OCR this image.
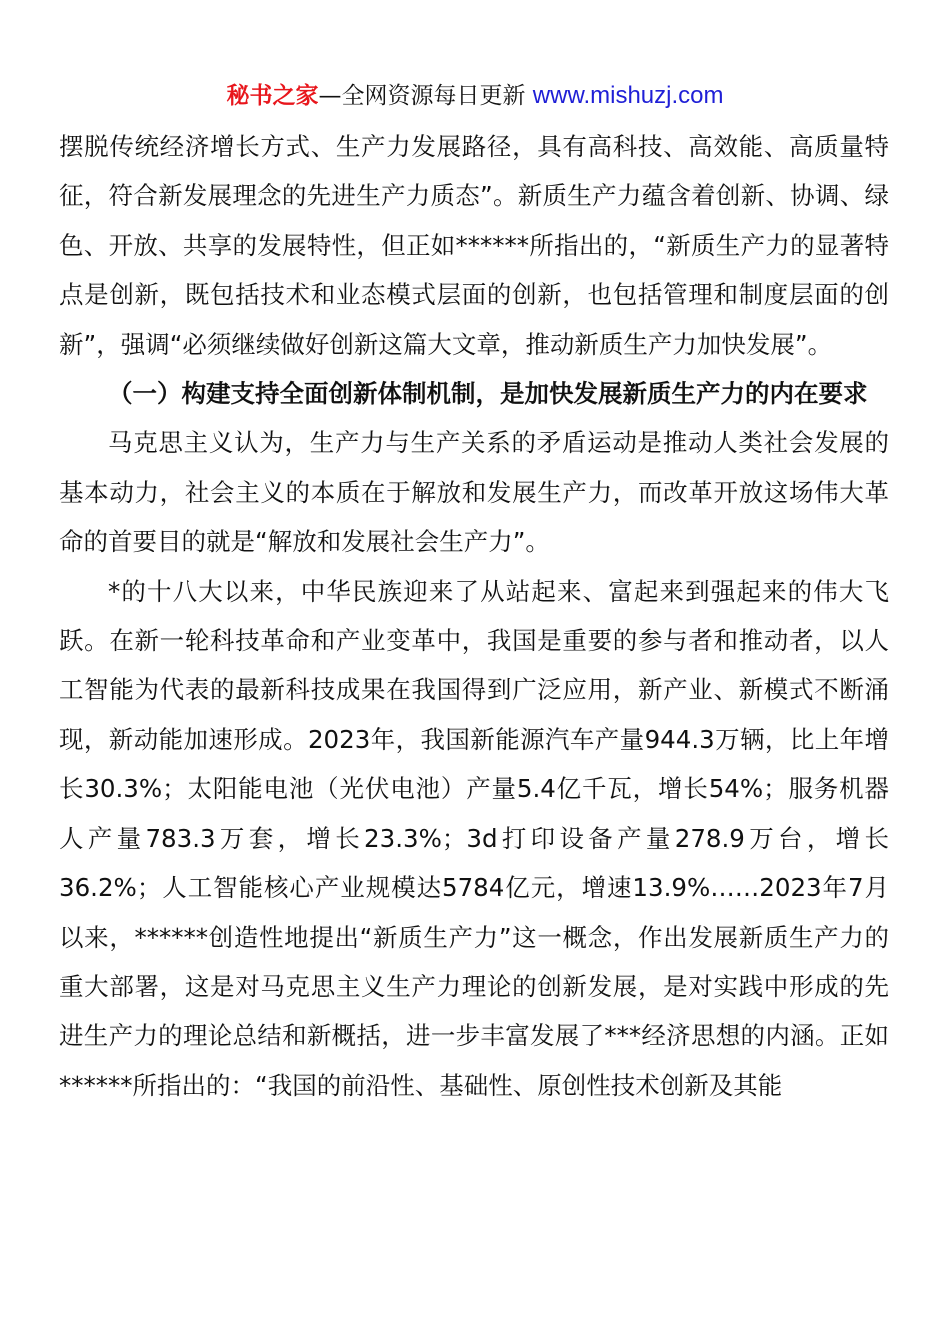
秘书之家—全网资源每日更新 www.mishuzj.com

摆脱传统经济增长方式、生产力发展路径，具有高科技、高效能、高质量特征，符合新发展理念的先进生产力质态”。新质生产力蕴含着创新、协调、绿色、开放、共享的发展特性，但正如******所指出的，“新质生产力的显著特点是创新，既包括技术和业态模式层面的创新，也包括管理和制度层面的创新”，强调“必须继续做好创新这篇大文章，推动新质生产力加快发展”。

（一）构建支持全面创新体制机制，是加快发展新质生产力的内在要求

马克思主义认为，生产力与生产关系的矛盾运动是推动人类社会发展的基本动力，社会主义的本质在于解放和发展生产力，而改革开放这场伟大革命的首要目的就是“解放和发展社会生产力”。

*的十八大以来，中华民族迎来了从站起来、富起来到强起来的伟大飞跃。在新一轮科技革命和产业变革中，我国是重要的参与者和推动者，以人工智能为代表的最新科技成果在我国得到广泛应用，新产业、新模式不断涌现，新动能加速形成。2023年，我国新能源汽车产量944.3万辆，比上年增长30.3%；太阳能电池（光伏电池）产量5.4亿千瓦，增长54%；服务机器人产量783.3万套，增长23.3%；3d打印设备产量278.9万台，增长36.2%；人工智能核心产业规模达5784亿元，增速13.9%……2023年7月以来，******创造性地提出“新质生产力”这一概念，作出发展新质生产力的重大部署，这是对马克思主义生产力理论的创新发展，是对实践中形成的先进生产力的理论总结和新概括，进一步丰富发展了***经济思想的内涵。正如******所指出的：“我国的前沿性、基础性、原创性技术创新及其能
